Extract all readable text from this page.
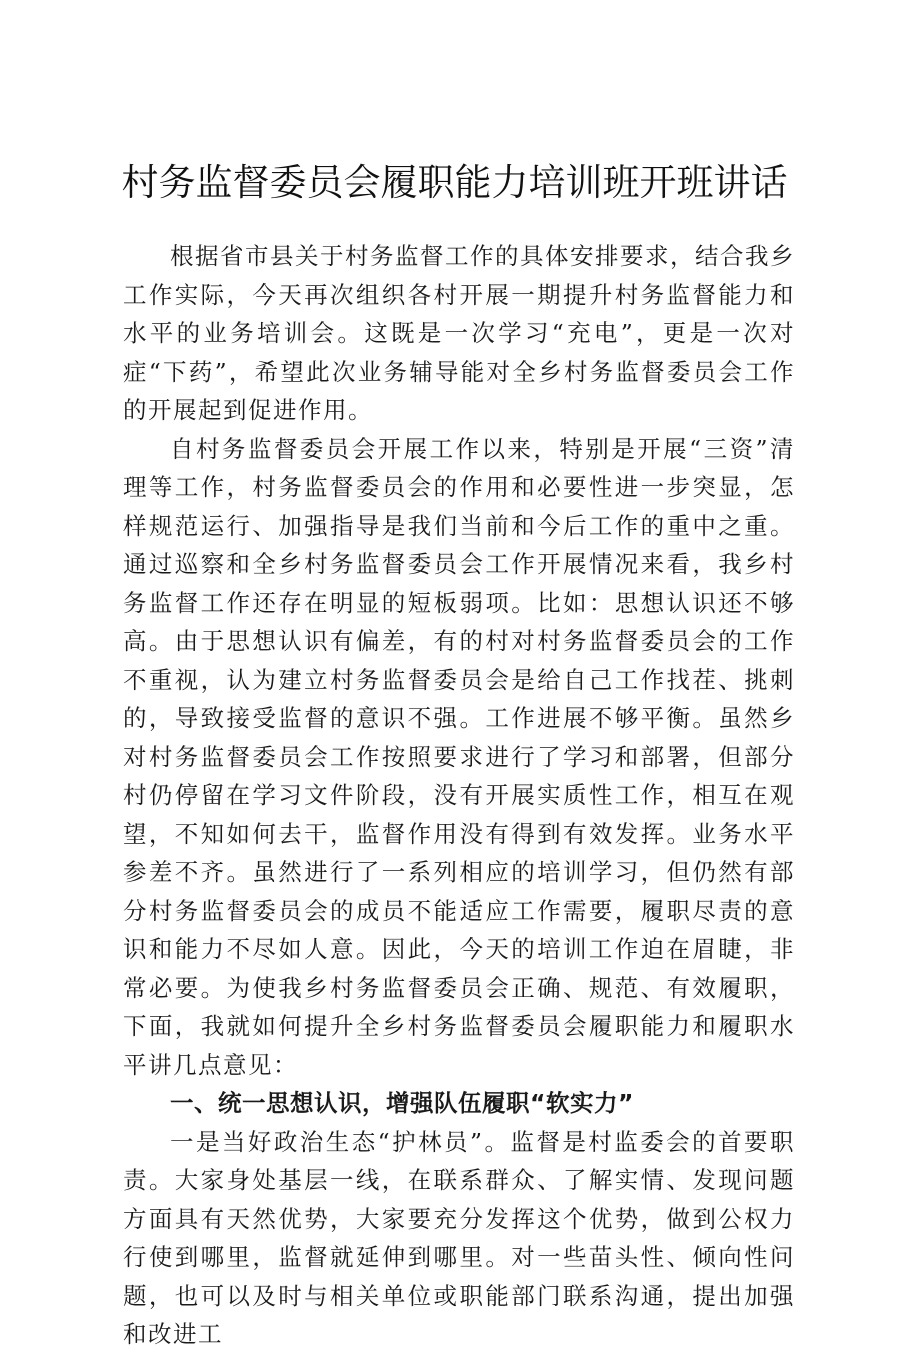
村务监督委员会履职能力培训班开班讲话

根据省市县关于村务监督工作的具体安排要求，结合我乡工作实际，今天再次组织各村开展一期提升村务监督能力和水平的业务培训会。这既是一次学习“充电”，更是一次对症“下药”，希望此次业务辅导能对全乡村务监督委员会工作的开展起到促进作用。

自村务监督委员会开展工作以来，特别是开展“三资”清理等工作，村务监督委员会的作用和必要性进一步突显，怎样规范运行、加强指导是我们当前和今后工作的重中之重。通过巡察和全乡村务监督委员会工作开展情况来看，我乡村务监督工作还存在明显的短板弱项。比如：思想认识还不够高。由于思想认识有偏差，有的村对村务监督委员会的工作不重视，认为建立村务监督委员会是给自己工作找茬、挑刺的，导致接受监督的意识不强。工作进展不够平衡。虽然乡对村务监督委员会工作按照要求进行了学习和部署，但部分村仍停留在学习文件阶段，没有开展实质性工作，相互在观望，不知如何去干，监督作用没有得到有效发挥。业务水平参差不齐。虽然进行了一系列相应的培训学习，但仍然有部分村务监督委员会的成员不能适应工作需要，履职尽责的意识和能力不尽如人意。因此，今天的培训工作迫在眉睫，非常必要。为使我乡村务监督委员会正确、规范、有效履职，下面，我就如何提升全乡村务监督委员会履职能力和履职水平讲几点意见：

一、统一思想认识，增强队伍履职“软实力”

一是当好政治生态“护林员”。监督是村监委会的首要职责。大家身处基层一线，在联系群众、了解实情、发现问题方面具有天然优势，大家要充分发挥这个优势，做到公权力行使到哪里，监督就延伸到哪里。对一些苗头性、倾向性问题，也可以及时与相关单位或职能部门联系沟通，提出加强和改进工
